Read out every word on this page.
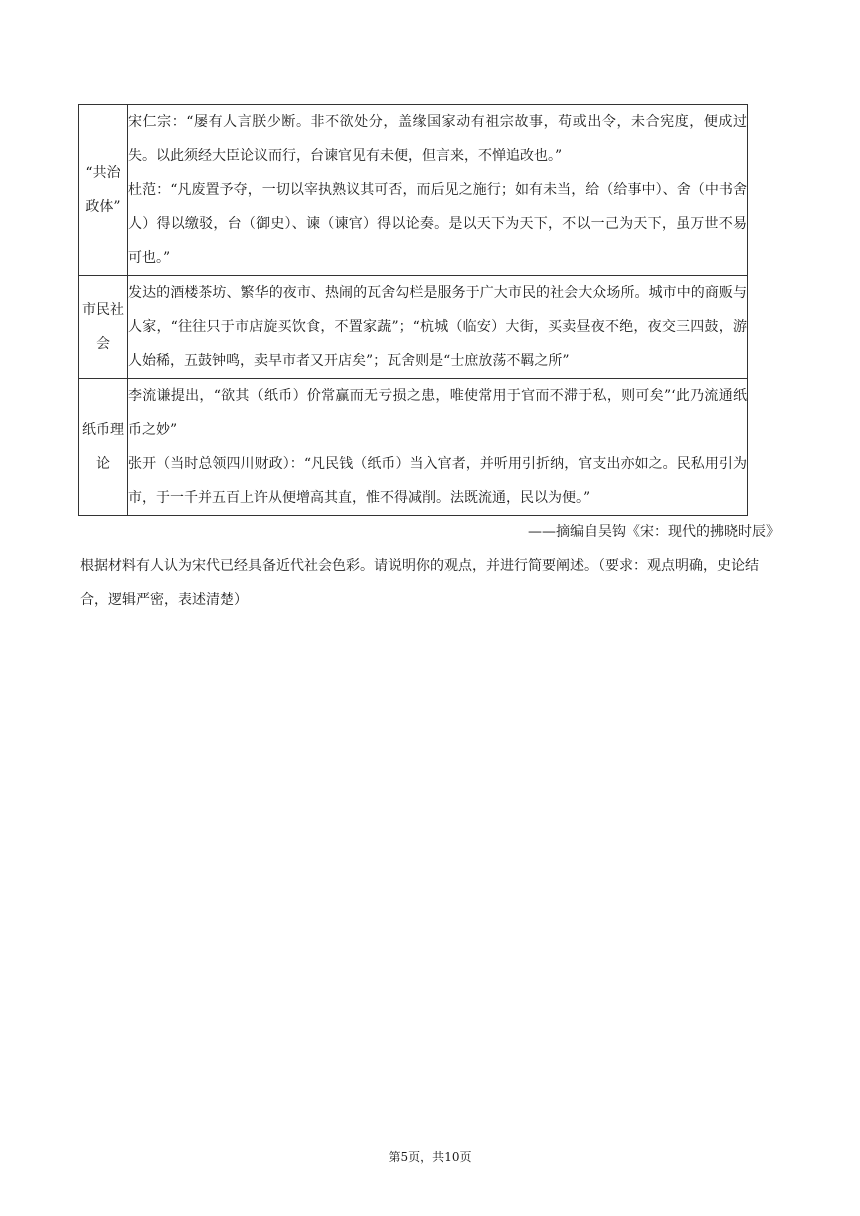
“共治政体”	宋仁宗：“屡有人言朕少断。非不欲处分，盖缘国家动有祖宗故事，苟或出令，未合宪度，便成过失。以此须经大臣论议而行，台谏官见有未便，但言来，不惮追改也。”
杜范：“凡废置予夺，一切以宰执熟议其可否，而后见之施行；如有未当，给（给事中）、舍（中书舍人）得以缴驳，台（御史）、谏（谏官）得以论奏。是以天下为天下，不以一己为天下，虽万世不易可也。”

市民社会	发达的酒楼茶坊、繁华的夜市、热闹的瓦舍勾栏是服务于广大市民的社会大众场所。城市中的商贩与人家，“往往只于市店旋买饮食，不置家蔬”；“杭城（临安）大街，买卖昼夜不绝，夜交三四鼓，游人始稀，五鼓钟鸣，卖早市者又开店矣”；瓦舍则是“士庶放荡不羁之所”

纸币理论	李流谦提出，“欲其（纸币）价常赢而无亏损之患，唯使常用于官而不滞于私，则可矣”‘此乃流通纸币之妙”
张开（当时总领四川财政）：“凡民钱（纸币）当入官者，并听用引折纳，官支出亦如之。民私用引为市，于一千并五百上许从便增高其直，惟不得减削。法既流通，民以为便。”
——摘编自吴钩《宋：现代的拂晓时辰》
根据材料有人认为宋代已经具备近代社会色彩。请说明你的观点，并进行简要阐述。（要求：观点明确，史论结合，逻辑严密，表述清楚）
第5页，共10页
